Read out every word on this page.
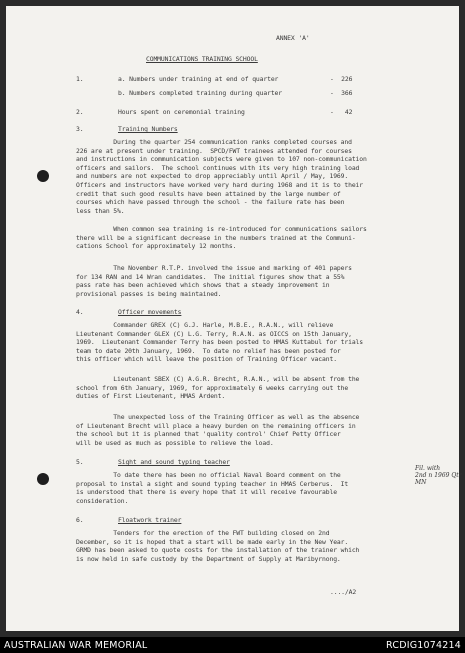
ANNEX 'A'
COMMUNICATIONS TRAINING SCHOOL
1.	a. Numbers under training at end of quarter	-  226
b. Numbers completed training during quarter	-  366
2.	Hours spent on ceremonial training	-   42
3.	Training Numbers
During the quarter 254 communication ranks completed courses and
226 are at present under training.  SPCD/FWT trainees attended for courses
and instructions in communication subjects were given to 107 non-communication
officers and sailors.  The school continues with its very high training load
and numbers are not expected to drop appreciably until April / May, 1969.
Officers and instructors have worked very hard during 1968 and it is to their
credit that such good results have been attained by the large number of
courses which have passed through the school - the failure rate has been
less than 5%.
When common sea training is re-introduced for communications sailors
there will be a significant decrease in the numbers trained at the Communi-
cations School for approximately 12 months.
The November R.T.P. involved the issue and marking of 401 papers
for 134 RAN and 14 Wran candidates.  The initial figures show that a 55%
pass rate has been achieved which shows that a steady improvement in
provisional passes is being maintained.
4.	Officer movements
Commander GREX (C) G.J. Harle, M.B.E., R.A.N., will relieve
Lieutenant Commander GLEX (C) L.G. Terry, R.A.N. as OICCS on 15th January,
1969.  Lieutenant Commander Terry has been posted to HMAS Kuttabul for trials
team to date 20th January, 1969.  To date no relief has been posted for
this officer which will leave the position of Training Officer vacant.
Lieutenant SBEX (C) A.G.R. Brecht, R.A.N., will be absent from the
school from 6th January, 1969, for approximately 6 weeks carrying out the
duties of First Lieutenant, HMAS Ardent.
The unexpected loss of the Training Officer as well as the absence
of Lieutenant Brecht will place a heavy burden on the remaining officers in
the school but it is planned that 'quality control' Chief Petty Officer
will be used as much as possible to relieve the load.
5.	Sight and sound typing teacher
To date there has been no official Naval Board comment on the
proposal to instal a sight and sound typing teacher in HMAS Cerberus.  It
is understood that there is every hope that it will receive favourable
consideration.
6.	Floatwork trainer
Tenders for the erection of the FWT building closed on 2nd
December, so it is hoped that a start will be made early in the New Year.
GRMD has been asked to quote costs for the installation of the trainer which
is now held in safe custody by the Department of Supply at Maribyrnong.
..../A2
Fil. with
2nd n 1969 Qtr
MN
AUSTRALIAN WAR MEMORIAL	RCDIG1074214
